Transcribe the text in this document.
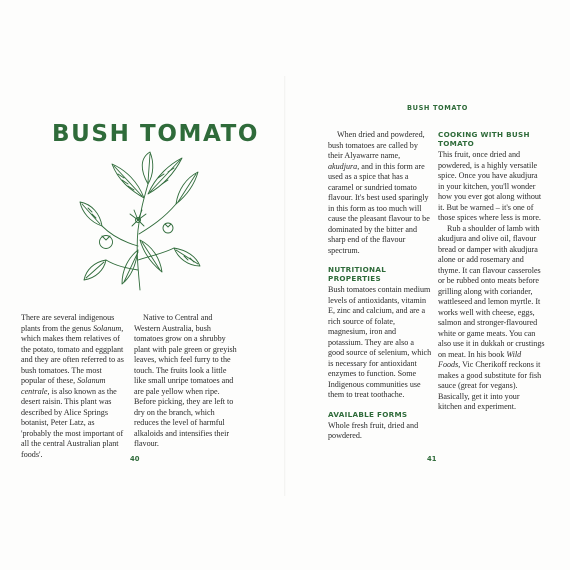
BUSH TOMATO

There are several indigenous plants from the genus Solanum, which makes them relatives of the potato, tomato and eggplant and they are often referred to as bush tomatoes. The most popular of these, Solanum centrale, is also known as the desert raisin. This plant was described by Alice Springs botanist, Peter Latz, as 'probably the most important of all the central Australian plant foods'.

Native to Central and Western Australia, bush tomatoes grow on a shrubby plant with pale green or greyish leaves, which feel furry to the touch. The fruits look a little like small unripe tomatoes and are pale yellow when ripe. Before picking, they are left to dry on the branch, which reduces the level of harmful alkaloids and intensifies their flavour.

40
BUSH TOMATO

When dried and powdered, bush tomatoes are called by their Alyawarre name, akudjura, and in this form are used as a spice that has a caramel or sundried tomato flavour. It's best used sparingly in this form as too much will cause the pleasant flavour to be dominated by the bitter and sharp end of the flavour spectrum.

NUTRITIONAL PROPERTIES

Bush tomatoes contain medium levels of antioxidants, vitamin E, zinc and calcium, and are a rich source of folate, magnesium, iron and potassium. They are also a good source of selenium, which is necessary for antioxidant enzymes to function. Some Indigenous communities use them to treat toothache.

AVAILABLE FORMS

Whole fresh fruit, dried and powdered.

COOKING WITH BUSH TOMATO

This fruit, once dried and powdered, is a highly versatile spice. Once you have akudjura in your kitchen, you'll wonder how you ever got along without it. But be warned – it's one of those spices where less is more.

Rub a shoulder of lamb with akudjura and olive oil, flavour bread or damper with akudjura alone or add rosemary and thyme. It can flavour casseroles or be rubbed onto meats before grilling along with coriander, wattleseed and lemon myrtle. It works well with cheese, eggs, salmon and stronger-flavoured white or game meats. You can also use it in dukkah or crustings on meat. In his book Wild Foods, Vic Cherikoff reckons it makes a good substitute for fish sauce (great for vegans). Basically, get it into your kitchen and experiment.

41
